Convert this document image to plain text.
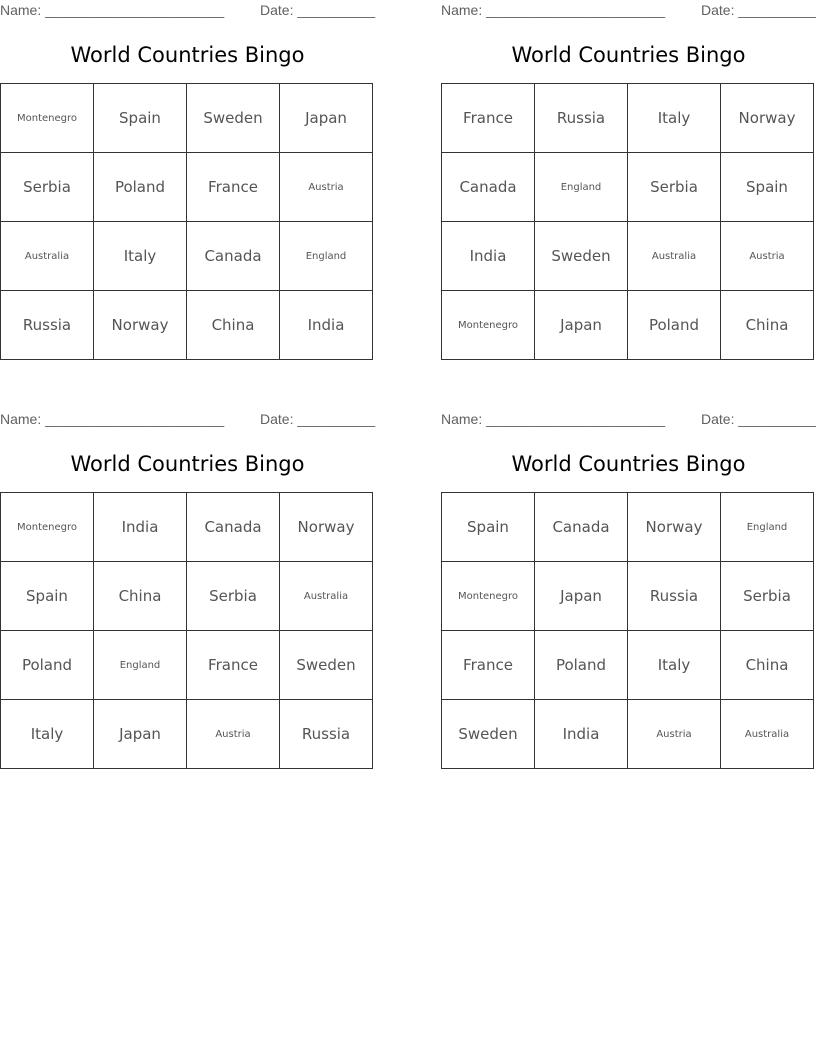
Name: _______________________	Date: __________
World Countries Bingo
Montenegro	Spain	Sweden	Japan
Serbia	Poland	France	Austria
Australia	Italy	Canada	England
Russia	Norway	China	India
Name: _______________________	Date: __________
World Countries Bingo
France	Russia	Italy	Norway
Canada	England	Serbia	Spain
India	Sweden	Australia	Austria
Montenegro	Japan	Poland	China
Name: _______________________	Date: __________
World Countries Bingo
Montenegro	India	Canada	Norway
Spain	China	Serbia	Australia
Poland	England	France	Sweden
Italy	Japan	Austria	Russia
Name: _______________________	Date: __________
World Countries Bingo
Spain	Canada	Norway	England
Montenegro	Japan	Russia	Serbia
France	Poland	Italy	China
Sweden	India	Austria	Australia
